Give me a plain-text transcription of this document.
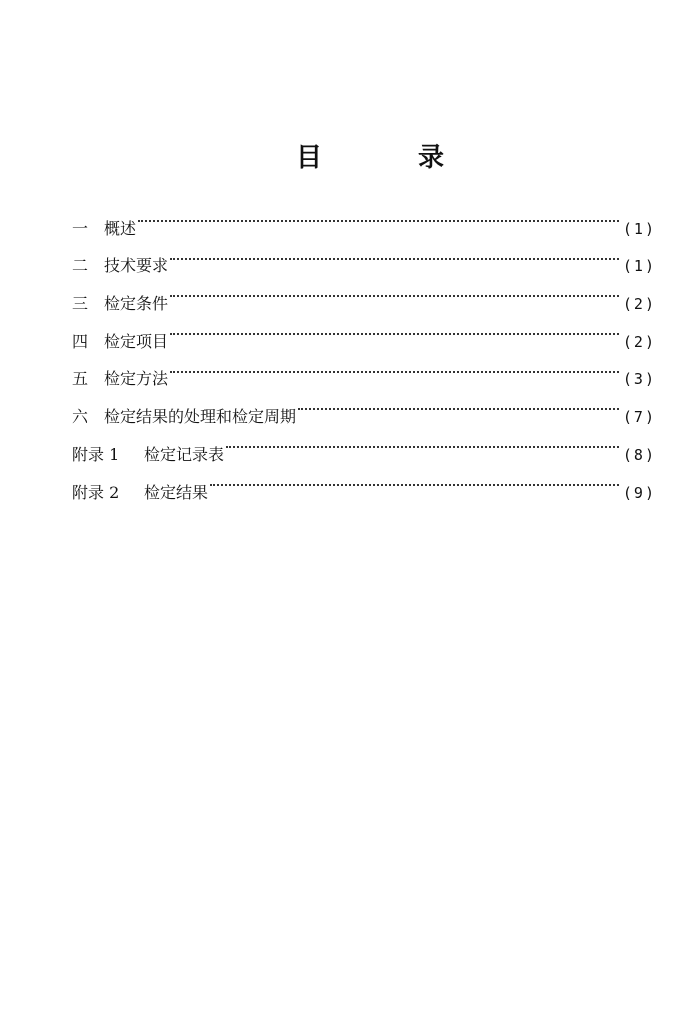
目	录
一 概述	(1)
二 技术要求	(1)
三 检定条件	(2)
四 检定项目	(2)
五 检定方法	(3)
六 检定结果的处理和检定周期	(7)
附录 1	检定记录表	(8)
附录 2	检定结果	(9)
